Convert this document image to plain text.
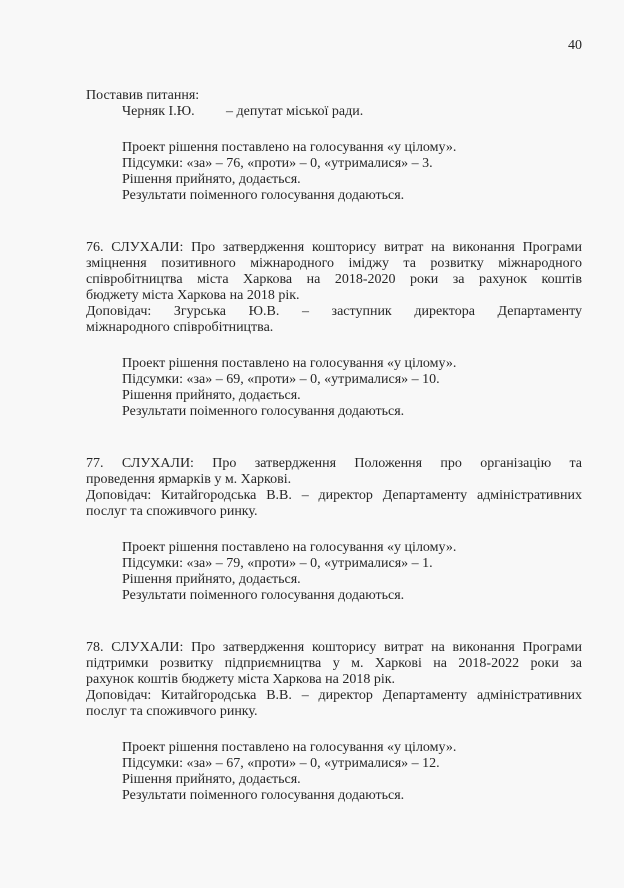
40
Поставив питання:
Черняк І.Ю.	– депутат міської ради.
Проект рішення поставлено на голосування «у цілому».
Підсумки: «за» – 76, «проти» – 0, «утрималися» – 3.
Рішення прийнято, додається.
Результати поіменного голосування додаються.
76. СЛУХАЛИ: Про затвердження кошторису витрат на виконання Програми
зміцнення позитивного міжнародного іміджу та розвитку міжнародного
співробітництва міста Харкова на 2018-2020 роки за рахунок коштів
бюджету міста Харкова на 2018 рік.
Доповідач: Згурська Ю.В. – заступник директора Департаменту
міжнародного співробітництва.
Проект рішення поставлено на голосування «у цілому».
Підсумки: «за» – 69, «проти» – 0, «утрималися» – 10.
Рішення прийнято, додається.
Результати поіменного голосування додаються.
77. СЛУХАЛИ: Про затвердження Положення про організацію та
проведення ярмарків у м. Харкові.
Доповідач: Китайгородська В.В. – директор Департаменту адміністративних
послуг та споживчого ринку.
Проект рішення поставлено на голосування «у цілому».
Підсумки: «за» – 79, «проти» – 0, «утрималися» – 1.
Рішення прийнято, додається.
Результати поіменного голосування додаються.
78. СЛУХАЛИ: Про затвердження кошторису витрат на виконання Програми
підтримки розвитку підприємництва у м. Харкові на 2018-2022 роки за
рахунок коштів бюджету міста Харкова на 2018 рік.
Доповідач: Китайгородська В.В. – директор Департаменту адміністративних
послуг та споживчого ринку.
Проект рішення поставлено на голосування «у цілому».
Підсумки: «за» – 67, «проти» – 0, «утрималися» – 12.
Рішення прийнято, додається.
Результати поіменного голосування додаються.
